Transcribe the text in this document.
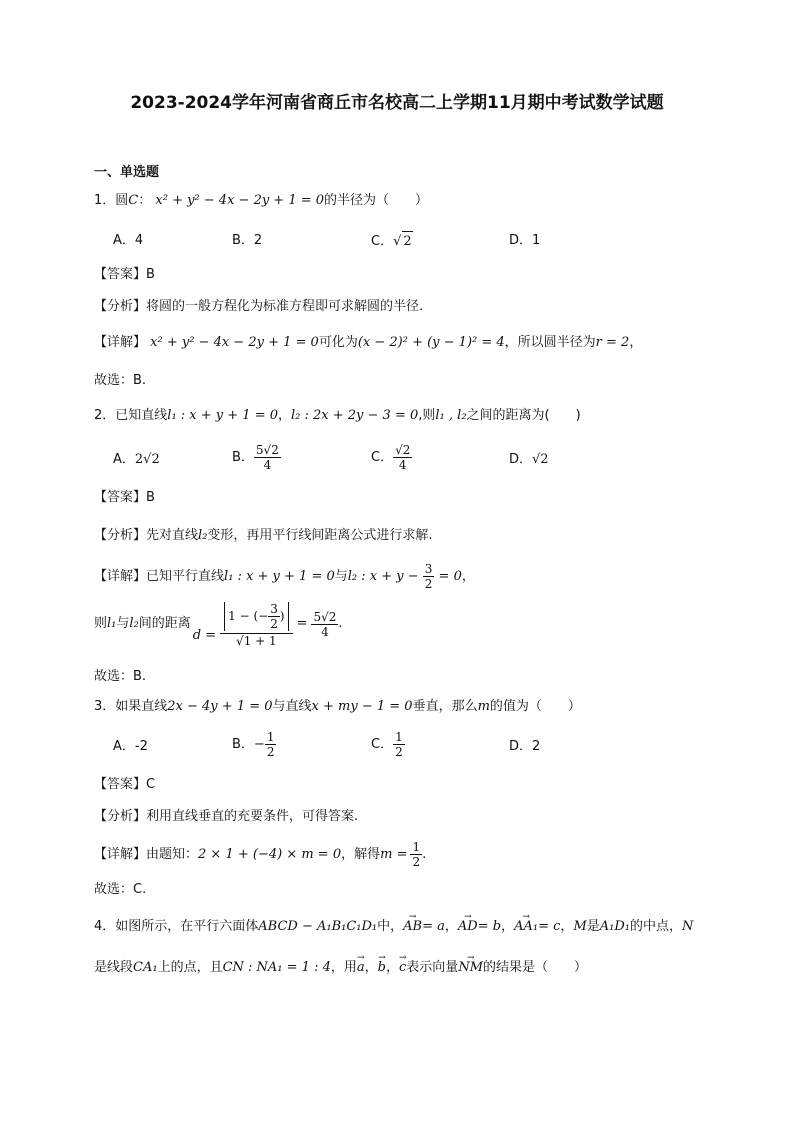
2023-2024学年河南省商丘市名校高二上学期11月期中考试数学试题
一、单选题
1．圆C： x² + y² − 4x − 2y + 1 = 0的半径为（　　）
A．4	B．2	C．√ 2	D．1
【答案】B
【分析】将圆的一般方程化为标准方程即可求解圆的半径.
【详解】 x² + y² − 4x − 2y + 1 = 0可化为(x − 2)² + (y − 1)² = 4，所以圆半径为r = 2，
故选：B.
2．已知直线l₁ : x + y + 1 = 0，l₂ : 2x + 2y − 3 = 0,则l₁ , l₂之间的距离为(　　)
A．2√2	B． $\frac{5√2}{4}$	C． $\frac{√2}{4}$	D．√2
【答案】B
【分析】先对直线l₂变形，再用平行线间距离公式进行求解.
【详解】已知平行直线l₁ : x + y + 1 = 0与l₂ : $x + y - \frac{3}{2} = 0$，
则 l₁ 与 l₂ 间的距离
$d = \frac{1 - (- \frac{3}{2} )}{√1 + 1} = \frac{5√2}{4}$ .
故选：B.
3．如果直线2x − 4y + 1 = 0与直线x + my − 1 = 0垂直，那么m的值为（　　）
A．-2	B．− $\frac{1}{2}$	C． $\frac{1}{2}$	D．2
【答案】C
【分析】利用直线垂直的充要条件，可得答案.
【详解】 由题知： 2 × 1 + (−4) × m = 0 ，解得 $m = \frac{1}{2}$ .
故选：C.
4．如图所示，在平行六面体ABCD − A₁B₁C₁D₁中，→ AB= a，→ AD= b，→ AA₁= c，M是A₁D₁的中点，N
是线段CA₁上的点，且CN : NA₁ = 1 : 4，用→ a，→ b，→ c表示向量→ NM的结果是（　　）
